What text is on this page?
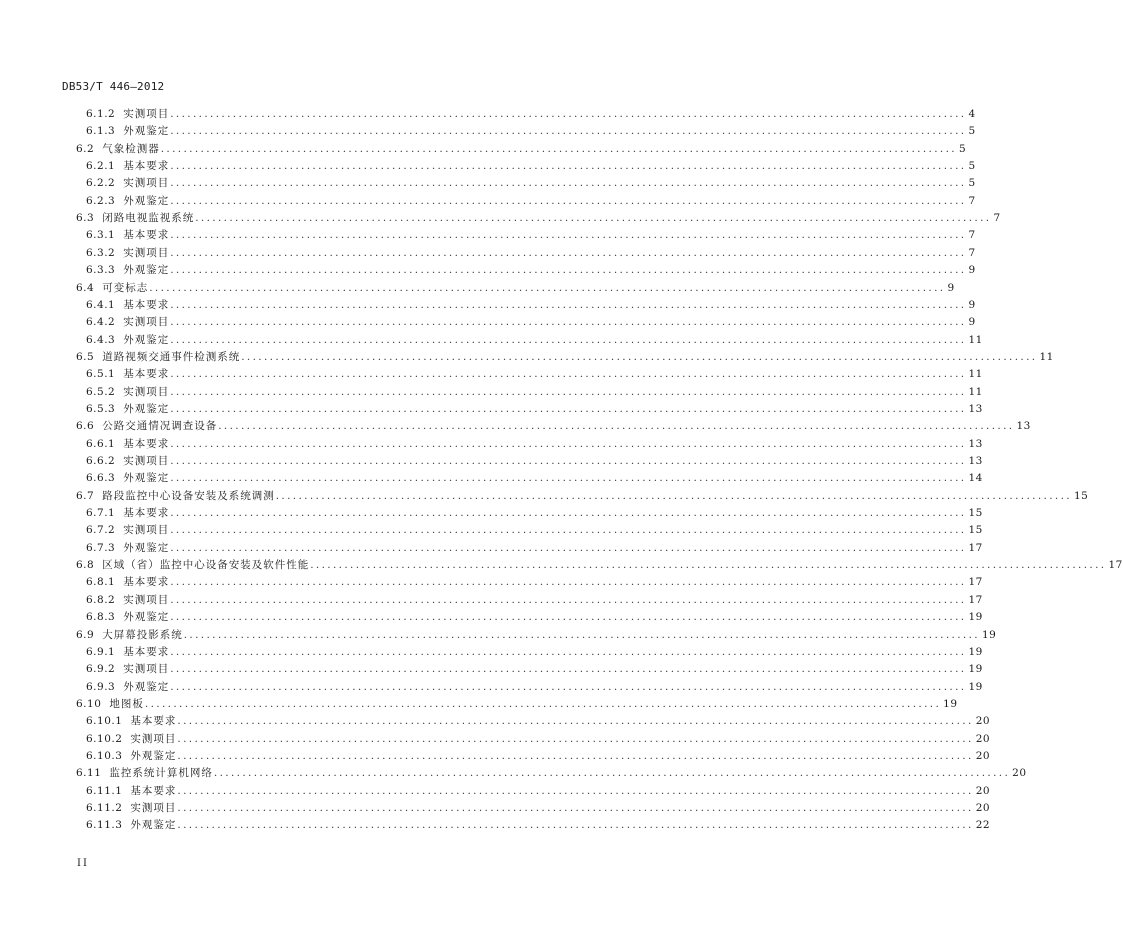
DB53/T 446—2012
6.1.2 实测项目 ............................................................................................................................................ 4
6.1.3 外观鉴定 ............................................................................................................................................ 5
6.2 气象检测器 ............................................................................................................................................ 5
6.2.1 基本要求 ............................................................................................................................................ 5
6.2.2 实测项目 ............................................................................................................................................ 5
6.2.3 外观鉴定 ............................................................................................................................................ 7
6.3 闭路电视监视系统 ............................................................................................................................................ 7
6.3.1 基本要求 ............................................................................................................................................ 7
6.3.2 实测项目 ............................................................................................................................................ 7
6.3.3 外观鉴定 ............................................................................................................................................ 9
6.4 可变标志 ............................................................................................................................................ 9
6.4.1 基本要求 ............................................................................................................................................ 9
6.4.2 实测项目 ............................................................................................................................................ 9
6.4.3 外观鉴定 ............................................................................................................................................ 11
6.5 道路视频交通事件检测系统 ............................................................................................................................................ 11
6.5.1 基本要求 ............................................................................................................................................ 11
6.5.2 实测项目 ............................................................................................................................................ 11
6.5.3 外观鉴定 ............................................................................................................................................ 13
6.6 公路交通情况调查设备 ............................................................................................................................................ 13
6.6.1 基本要求 ............................................................................................................................................ 13
6.6.2 实测项目 ............................................................................................................................................ 13
6.6.3 外观鉴定 ............................................................................................................................................ 14
6.7 路段监控中心设备安装及系统调测 ............................................................................................................................................ 15
6.7.1 基本要求 ............................................................................................................................................ 15
6.7.2 实测项目 ............................................................................................................................................ 15
6.7.3 外观鉴定 ............................................................................................................................................ 17
6.8 区域（省）监控中心设备安装及软件性能 ............................................................................................................................................ 17
6.8.1 基本要求 ............................................................................................................................................ 17
6.8.2 实测项目 ............................................................................................................................................ 17
6.8.3 外观鉴定 ............................................................................................................................................ 19
6.9 大屏幕投影系统 ............................................................................................................................................ 19
6.9.1 基本要求 ............................................................................................................................................ 19
6.9.2 实测项目 ............................................................................................................................................ 19
6.9.3 外观鉴定 ............................................................................................................................................ 19
6.10 地图板 ............................................................................................................................................ 19
6.10.1 基本要求 ............................................................................................................................................ 20
6.10.2 实测项目 ............................................................................................................................................ 20
6.10.3 外观鉴定 ............................................................................................................................................ 20
6.11 监控系统计算机网络 ............................................................................................................................................ 20
6.11.1 基本要求 ............................................................................................................................................ 20
6.11.2 实测项目 ............................................................................................................................................ 20
6.11.3 外观鉴定 ............................................................................................................................................ 22
II
